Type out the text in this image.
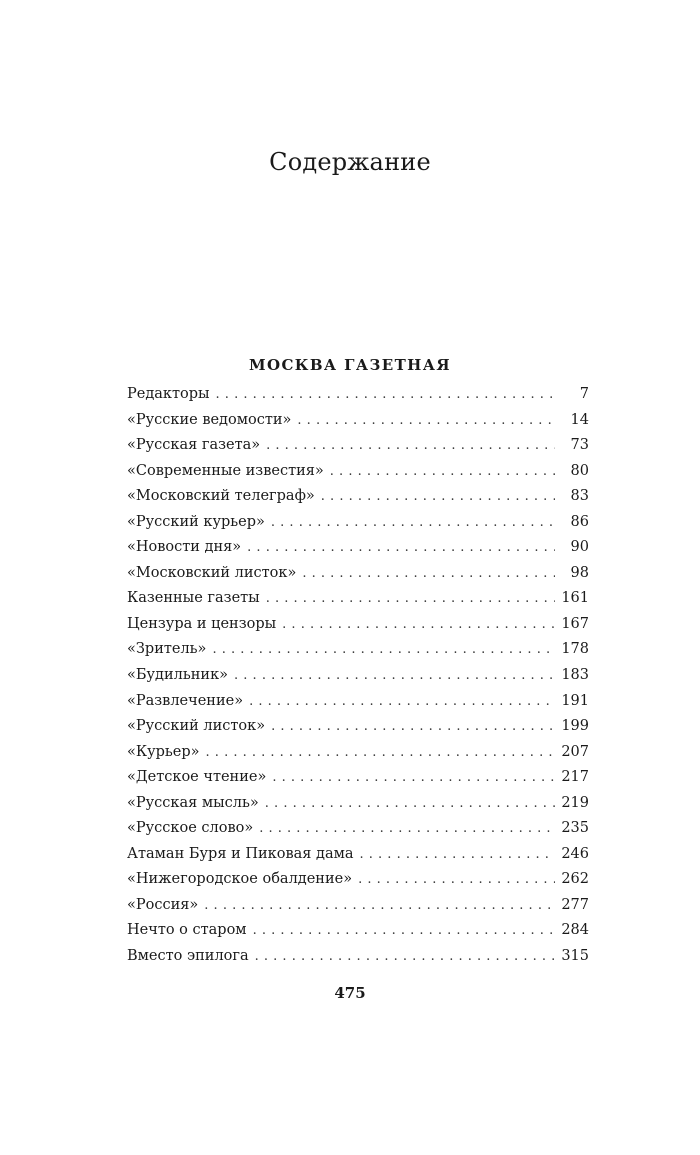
Содержание
МОСКВА ГАЗЕТНАЯ
Редакторы . . .	7
«Русские ведомости» . . .	14
«Русская газета» . . .	73
«Современные известия» . . .	80
«Московский телеграф» . . .	83
«Русский курьер» . . .	86
«Новости дня» . . .	90
«Московский листок» . . .	98
Казенные газеты . . .	161
Цензура и цензоры . . .	167
«Зритель» . . .	178
«Будильник» . . .	183
«Развлечение» . . .	191
«Русский листок» . . .	199
«Курьер» . . .	207
«Детское чтение» . . .	217
«Русская мысль» . . .	219
«Русское слово» . . .	235
Атаман Буря и Пиковая дама . . .	246
«Нижегородское обалдение» . . .	262
«Россия» . . .	277
Нечто о старом . . .	284
Вместо эпилога . . .	315

475
